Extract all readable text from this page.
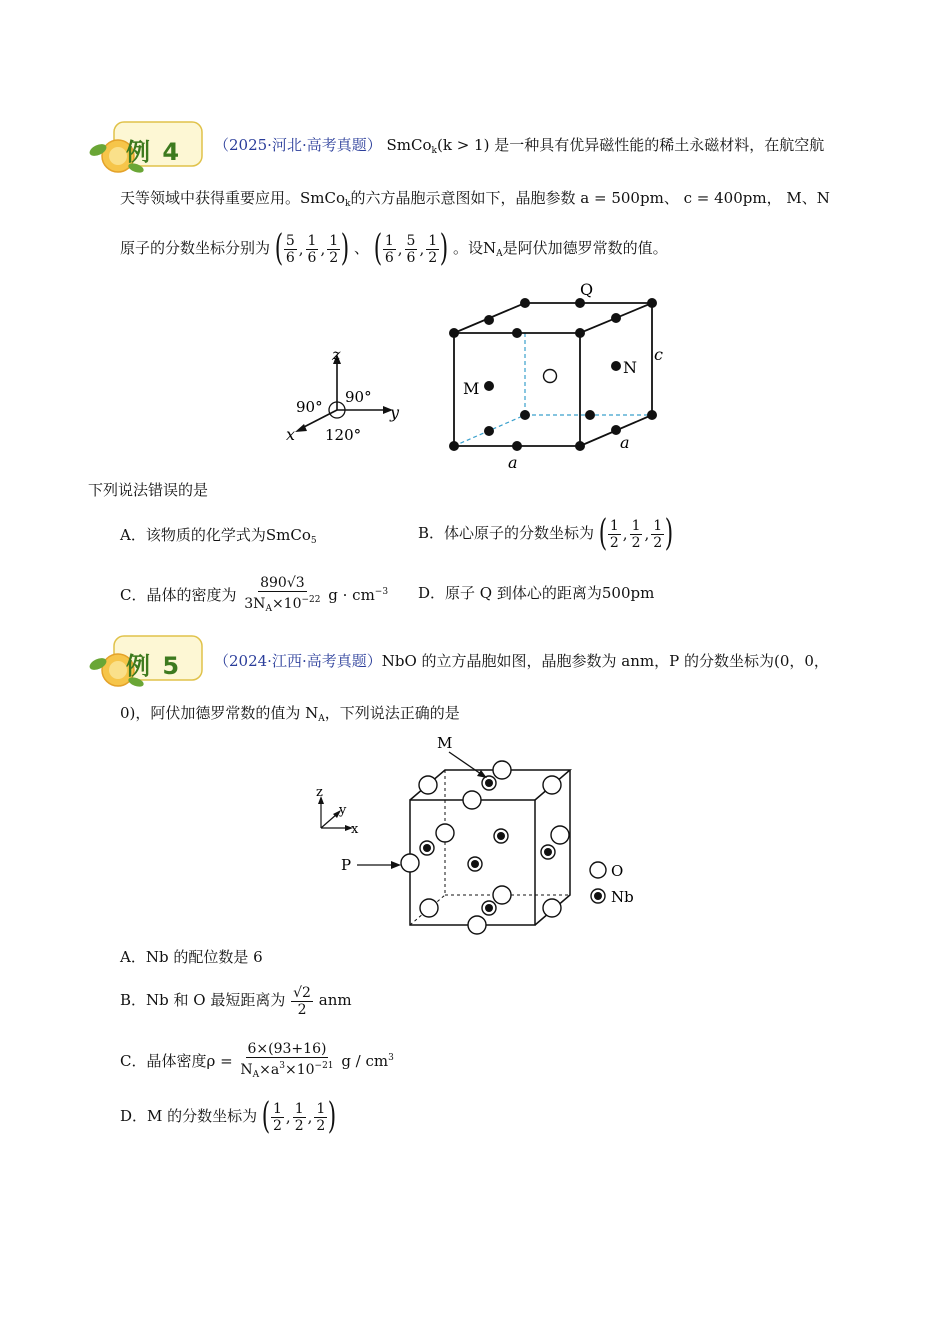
例 4 （2025·河北·高考真题） SmCo$_k$(k > 1) 是一种具有优异磁性能的稀土永磁材料，在航空航
天等领域中获得重要应用。SmCo$_k$的六方晶胞示意图如下，晶胞参数 a = 500pm、 c = 400pm， M、N
原子的分数坐标分别为 ( $\frac{5}{6}$ , $\frac{1}{6}$ , $\frac{1}{2}$ ) 、 ( $\frac{1}{6}$ , $\frac{5}{6}$ , $\frac{1}{2}$ ) 。设$N_A$是阿伏加德罗常数的值。
z
y
x
90°
90°
120°
Q
M
N
c
a
a
下列说法错误的是
A．该物质的化学式为SmCo$_5$	B．体心原子的分数坐标为 ( $\frac{1}{2}$ , $\frac{1}{2}$ , $\frac{1}{2}$ )
C．晶体的密度为 $\frac{890√3}{3N_A\times 10^{-22}}$ $g \cdot cm^{-3}$ D．原子 Q 到体心的距离为500pm
例 5 （2024·江西·高考真题）NbO 的立方晶胞如图，晶胞参数为 anm，P 的分数坐标为(0，0，
0)，阿伏加德罗常数的值为 $N_A$，下列说法正确的是
z
y
x
P
M
O
Nb
A．Nb 的配位数是 6
B．Nb 和 O 最短距离为 $\frac{√2}{2}$ anm
C．晶体密度$\rho = \frac{6\times(93+16)}{N_A\times a^3\times 10^{-21}}$ g / $cm^3$
D．M 的分数坐标为 ( $\frac{1}{2}$ , $\frac{1}{2}$ , $\frac{1}{2}$ )
